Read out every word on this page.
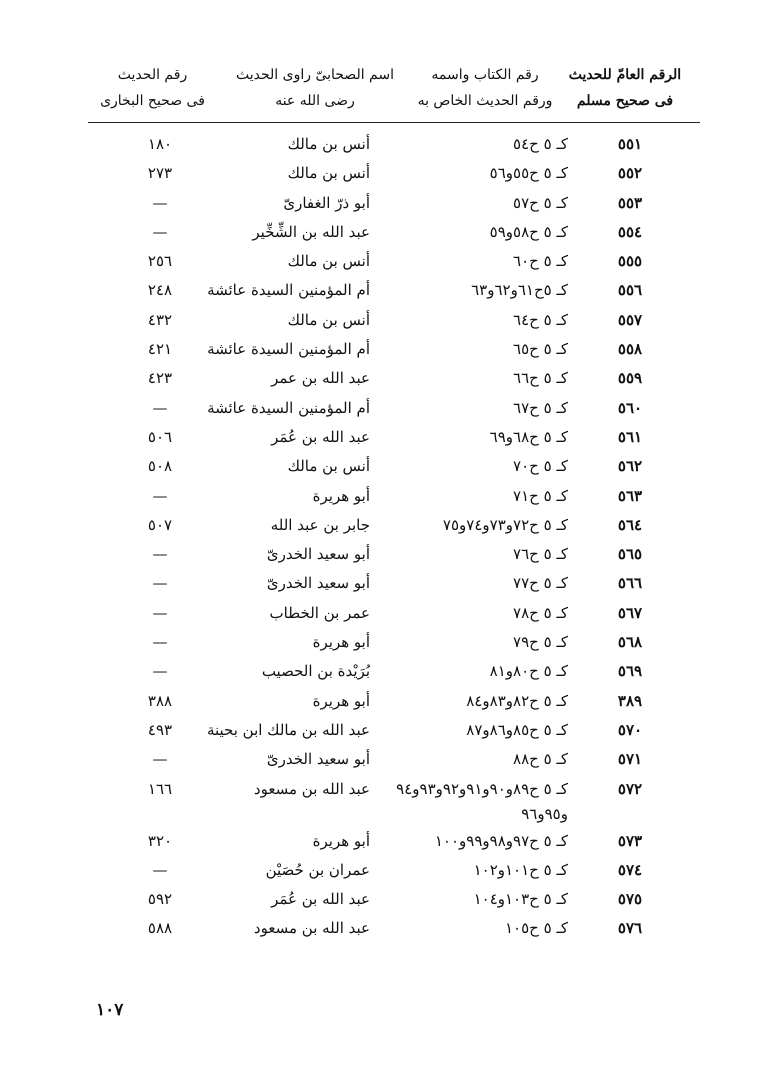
الرقم العامّ للحديث
فى صحيح مسلم
رقم الكتاب واسمه
ورقم الحديث الخاص به
اسم الصحابىّ راوى الحديث
رضى الله عنه
رقم الحديث
فى صحيح البخارى
٥٥١
كـ ٥ ح٥٤
أنس بن مالك
١٨٠
٥٥٢
كـ ٥ ح٥٥و٥٦
أنس بن مالك
٢٧٣
٥٥٣
كـ ٥ ح٥٧
أبو ذرّ الغفارىّ
—
٥٥٤
كـ ٥ ح٥٨و٥٩
عبد الله بن الشِّخِّير
—
٥٥٥
كـ ٥ ح٦٠
أنس بن مالك
٢٥٦
٥٥٦
كـ ٥ح٦١و٦٢و٦٣
أم المؤمنين السيدة عائشة
٢٤٨
٥٥٧
كـ ٥ ح٦٤
أنس بن مالك
٤٣٢
٥٥٨
كـ ٥ ح٦٥
أم المؤمنين السيدة عائشة
٤٢١
٥٥٩
كـ ٥ ح٦٦
عبد الله بن عمر
٤٢٣
٥٦٠
كـ ٥ ح٦٧
أم المؤمنين السيدة عائشة
—
٥٦١
كـ ٥ ح٦٨و٦٩
عبد الله بن عُمَر
٥٠٦
٥٦٢
كـ ٥ ح٧٠
أنس بن مالك
٥٠٨
٥٦٣
كـ ٥ ح٧١
أبو هريرة
—
٥٦٤
كـ ٥ ح٧٢و٧٣و٧٤و٧٥
جابر بن عبد الله
٥٠٧
٥٦٥
كـ ٥ ح٧٦
أبو سعيد الخدرىّ
—
٥٦٦
كـ ٥ ح٧٧
أبو سعيد الخدرىّ
—
٥٦٧
كـ ٥ ح٧٨
عمر بن الخطاب
—
٥٦٨
كـ ٥ ح٧٩
أبو هريرة
—
٥٦٩
كـ ٥ ح٨٠و٨١
بُرَيْدة بن الحصيب
—
٣٨٩
كـ ٥ ح٨٢و٨٣و٨٤
أبو هريرة
٣٨٨
٥٧٠
كـ ٥ ح٨٥و٨٦و٨٧
عبد الله بن مالك ابن بحينة
٤٩٣
٥٧١
كـ ٥ ح٨٨
أبو سعيد الخدرىّ
—
٥٧٢
كـ ٥ ح٨٩و٩٠و٩١و٩٢و٩٣و٩٤
و٩٥و٩٦
عبد الله بن مسعود
١٦٦
٥٧٣
كـ ٥ ح٩٧و٩٨و٩٩و١٠٠
أبو هريرة
٣٢٠
٥٧٤
كـ ٥ ح١٠١و١٠٢
عمران بن حُصَيْن
—
٥٧٥
كـ ٥ ح١٠٣و١٠٤
عبد الله بن عُمَر
٥٩٢
٥٧٦
كـ ٥ ح١٠٥
عبد الله بن مسعود
٥٨٨
١٠٧
